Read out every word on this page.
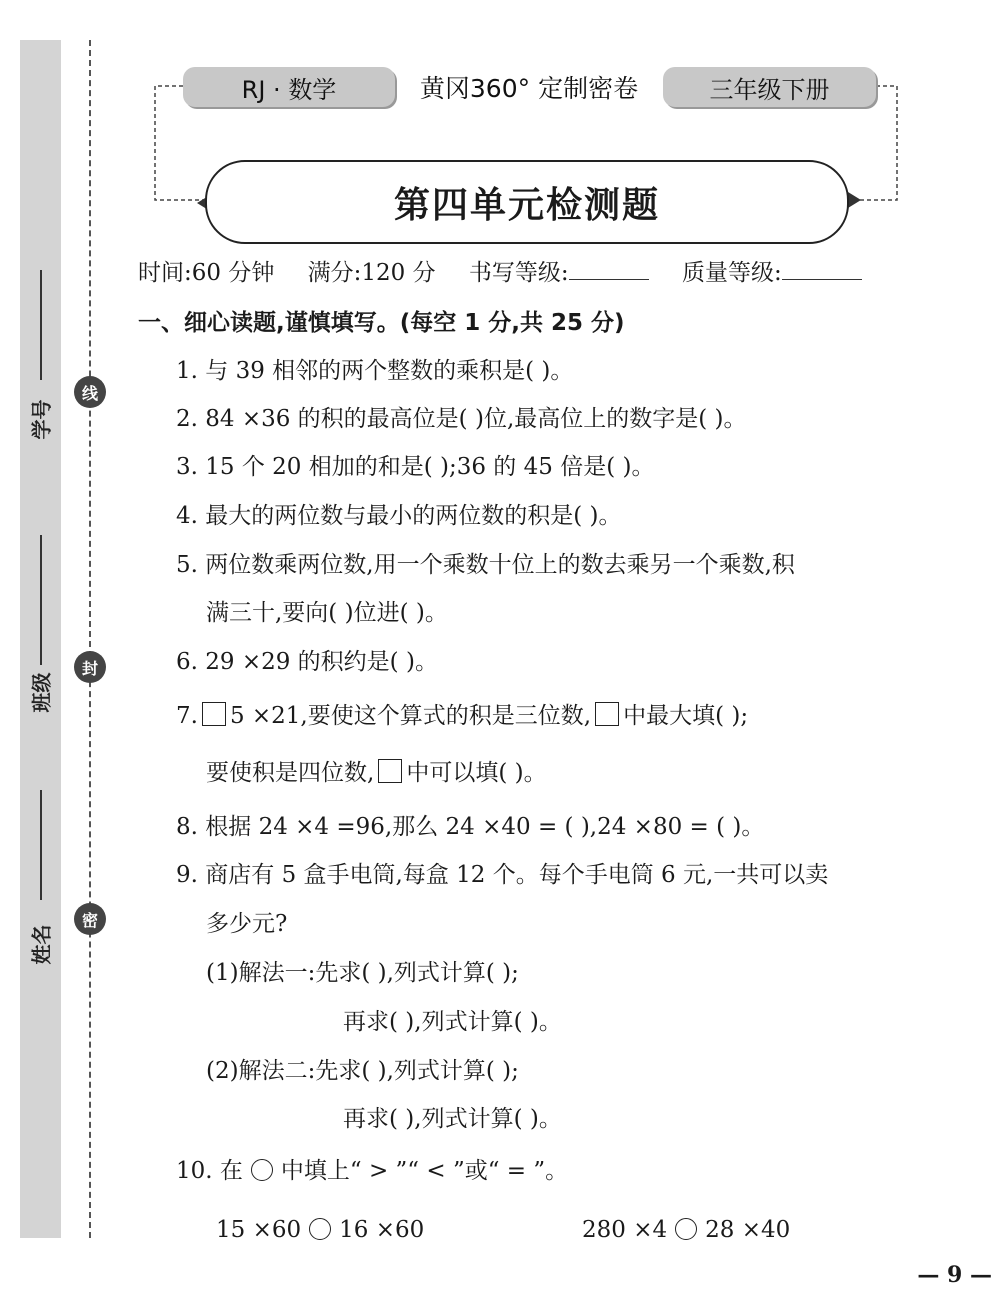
线
封
密
学号
班级
姓名
RJ · 数学	黄冈360° 定制密卷	三年级下册
第四单元检测题
时间:60 分钟 满分:120 分 书写等级:	质量等级:
一、细心读题,谨慎填写。(每空 1 分,共 25 分)
1. 与 39 相邻的两个整数的乘积是( )。
2. 84 ×36 的积的最高位是( )位,最高位上的数字是( )。
3. 15 个 20 相加的和是( );36 的 45 倍是( )。
4. 最大的两位数与最小的两位数的积是( )。
5. 两位数乘两位数,用一个乘数十位上的数去乘另一个乘数,积
满三十,要向( )位进( )。
6. 29 ×29 的积约是( )。
7. 5 ×21,要使这个算式的积是三位数, 中最大填( );
要使积是四位数, 中可以填( )。
8. 根据 24 ×4 =96,那么 24 ×40 = ( ),24 ×80 = ( )。
9. 商店有 5 盒手电筒,每盒 12 个。每个手电筒 6 元,一共可以卖
多少元?
(1)解法一:先求( ),列式计算( );
再求( ),列式计算( )。
(2)解法二:先求( ),列式计算( );
再求( ),列式计算( )。
10. 在 中填上“ > ”“ < ”或“ = ”。
15 ×60 16 ×60	280 ×4 28 ×40
— 9 —
